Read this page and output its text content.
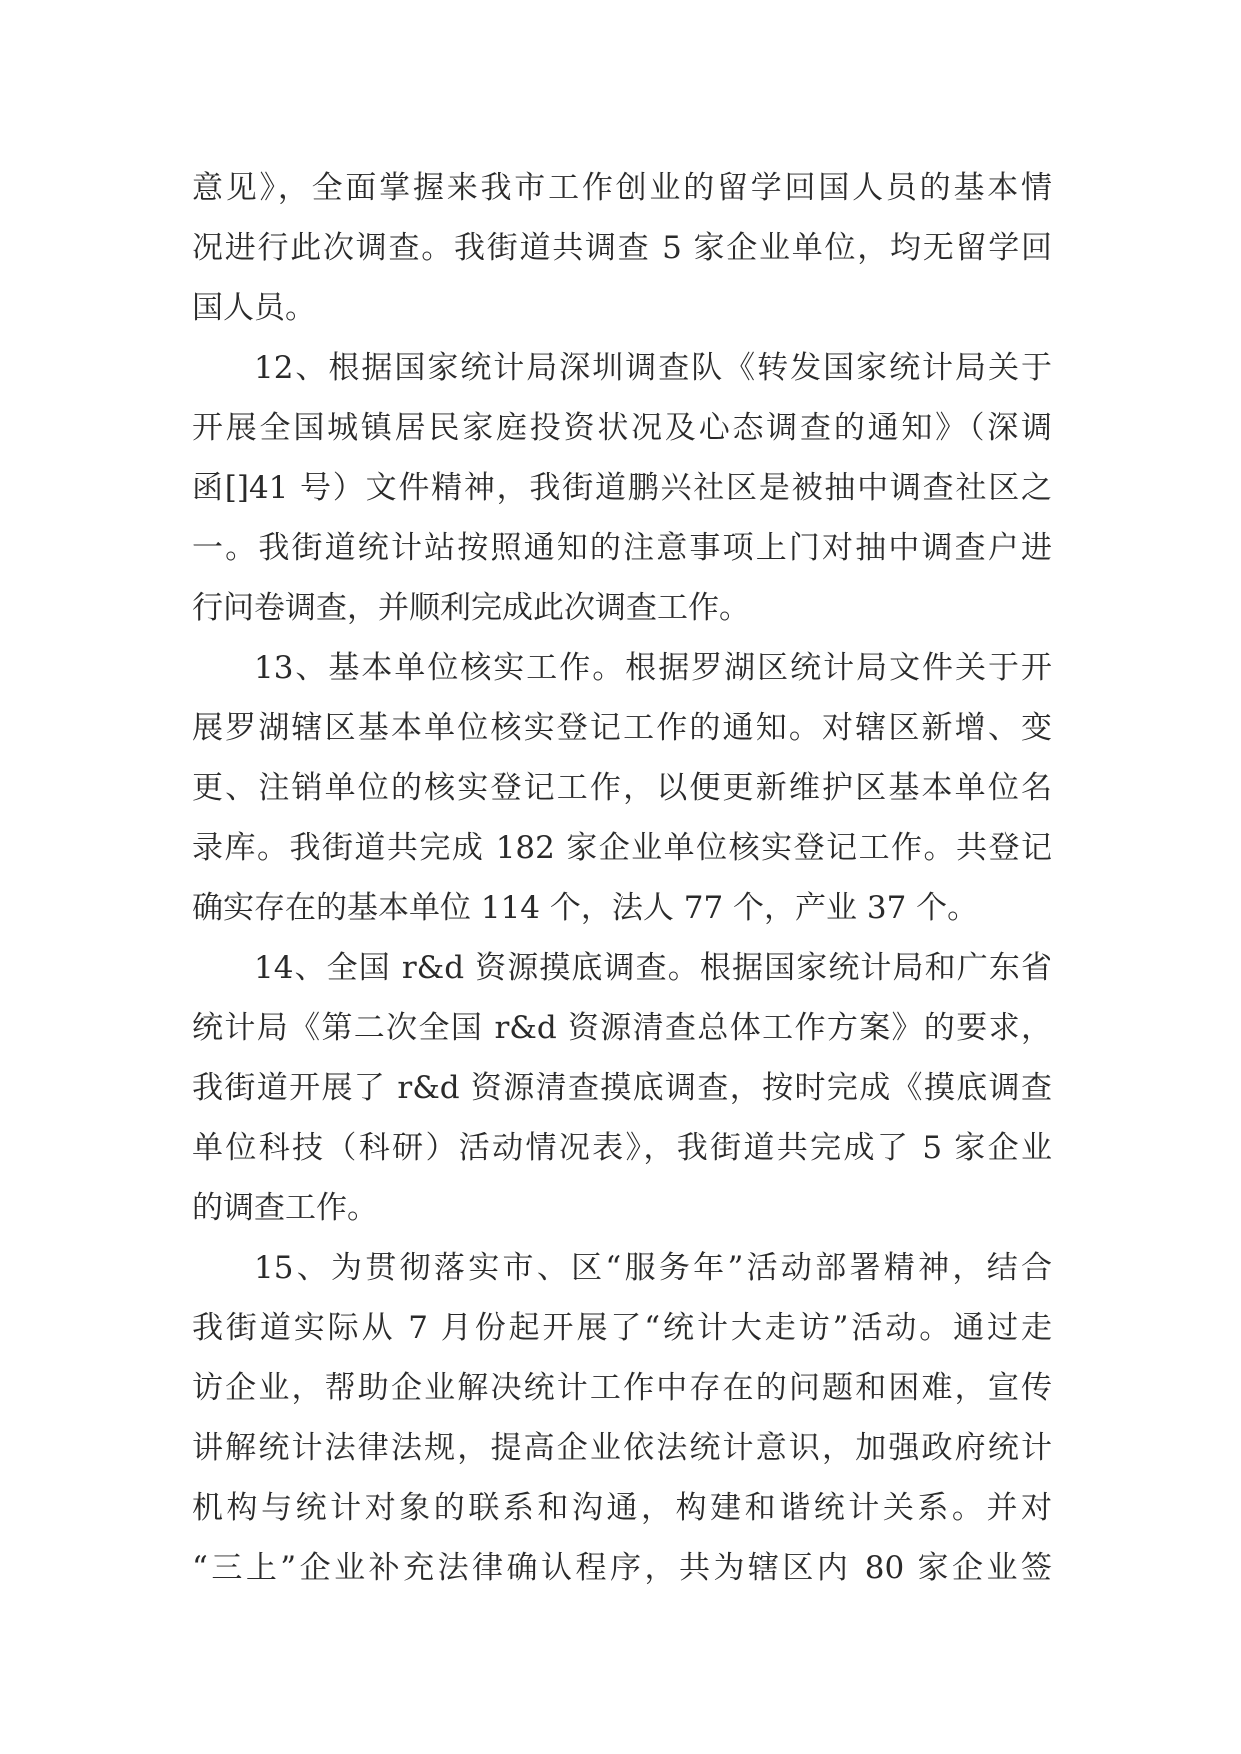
意见》，全面掌握来我市工作创业的留学回国人员的基本情
况进行此次调查。我街道共调查 5 家企业单位，均无留学回
国人员。
12、根据国家统计局深圳调查队《转发国家统计局关于
开展全国城镇居民家庭投资状况及心态调查的通知》（深调
函[]41 号）文件精神，我街道鹏兴社区是被抽中调查社区之
一。我街道统计站按照通知的注意事项上门对抽中调查户进
行问卷调查，并顺利完成此次调查工作。
13、基本单位核实工作。根据罗湖区统计局文件关于开
展罗湖辖区基本单位核实登记工作的通知。对辖区新增、变
更、注销单位的核实登记工作，以便更新维护区基本单位名
录库。我街道共完成 182 家企业单位核实登记工作。共登记
确实存在的基本单位 114 个，法人 77 个，产业 37 个。
14、全国 r&d 资源摸底调查。根据国家统计局和广东省
统计局《第二次全国 r&d 资源清查总体工作方案》的要求，
我街道开展了 r&d 资源清查摸底调查，按时完成《摸底调查
单位科技（科研）活动情况表》，我街道共完成了 5 家企业
的调查工作。
15、为贯彻落实市、区“服务年”活动部署精神，结合
我街道实际从 7 月份起开展了“统计大走访”活动。通过走
访企业，帮助企业解决统计工作中存在的问题和困难，宣传
讲解统计法律法规，提高企业依法统计意识，加强政府统计
机构与统计对象的联系和沟通，构建和谐统计关系。并对
“三上”企业补充法律确认程序，共为辖区内 80 家企业签
